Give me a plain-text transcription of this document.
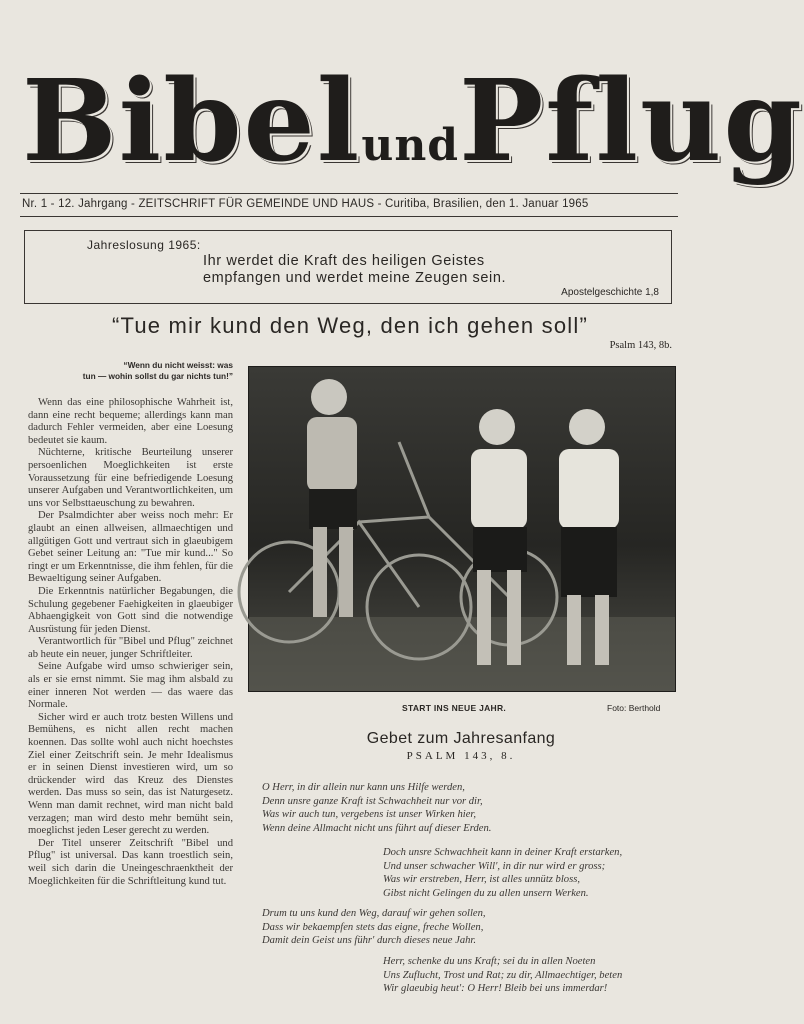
BibelundPflug
Nr. 1 - 12. Jahrgang - ZEITSCHRIFT FÜR GEMEINDE UND HAUS - Curitiba, Brasilien, den 1. Januar 1965
Jahreslosung 1965:
Ihr werdet die Kraft des heiligen Geistes
empfangen und werdet meine Zeugen sein.
Apostelgeschichte 1,8
“Tue mir kund den Weg, den ich gehen soll”
Psalm 143, 8b.
“Wenn du nicht weisst: was
tun — wohin sollst du gar nichts tun!”

Wenn das eine philosophische Wahrheit ist, dann eine recht bequeme; allerdings kann man dadurch Fehler vermeiden, aber eine Loesung bedeutet sie kaum.

Nüchterne, kritische Beurteilung unserer persoenlichen Moeglichkeiten ist erste Voraussetzung für eine befriedigende Loesung unserer Aufgaben und Verantwortlichkeiten, um uns vor Selbsttaeuschung zu bewahren.

Der Psalmdichter aber weiss noch mehr: Er glaubt an einen allweisen, allmaechtigen und allgütigen Gott und vertraut sich in glaeubigem Gebet seiner Leitung an: "Tue mir kund..." So ringt er um Erkenntnisse, die ihm fehlen, für die Bewaeltigung seiner Aufgaben.

Die Erkenntnis natürlicher Begabungen, die Schulung gegebener Faehigkeiten in glaeubiger Abhaengigkeit von Gott sind die notwendige Ausrüstung für jeden Dienst.

Verantwortlich für "Bibel und Pflug" zeichnet ab heute ein neuer, junger Schriftleiter.

Seine Aufgabe wird umso schwieriger sein, als er sie ernst nimmt. Sie mag ihm alsbald zu einer inneren Not werden — das waere das Normale.

Sicher wird er auch trotz besten Willens und Bemühens, es nicht allen recht machen koennen. Das sollte wohl auch nicht hoechstes Ziel einer Zeitschrift sein. Je mehr Idealismus er in seinen Dienst investieren wird, um so drückender wird das Kreuz des Dienstes werden. Das muss so sein, das ist Naturgesetz. Wenn man damit rechnet, wird man nicht bald verzagen; man wird desto mehr bemüht sein, moeglichst jeden Leser gerecht zu werden.

Der Titel unserer Zeitschrift "Bibel und Pflug" ist universal. Das kann troestlich sein, weil sich darin die Uneingeschraenktheit der Moeglichkeiten für die Schriftleitung kund tut.

START INS NEUE JAHR.	Foto: Berthold
Gebet zum Jahresanfang
PSALM 143, 8.
O Herr, in dir allein nur kann uns Hilfe werden,
Denn unsre ganze Kraft ist Schwachheit nur vor dir,
Was wir auch tun, vergebens ist unser Wirken hier,
Wenn deine Allmacht nicht uns führt auf dieser Erden.
Doch unsre Schwachheit kann in deiner Kraft erstarken,
Und unser schwacher Will', in dir nur wird er gross;
Was wir erstreben, Herr, ist alles unnütz bloss,
Gibst nicht Gelingen du zu allen unsern Werken.
Drum tu uns kund den Weg, darauf wir gehen sollen,
Dass wir bekaempfen stets das eigne, freche Wollen,
Damit dein Geist uns führ' durch dieses neue Jahr.
Herr, schenke du uns Kraft; sei du in allen Noeten
Uns Zuflucht, Trost und Rat; zu dir, Allmaechtiger, beten
Wir glaeubig heut': O Herr! Bleib bei uns immerdar!
